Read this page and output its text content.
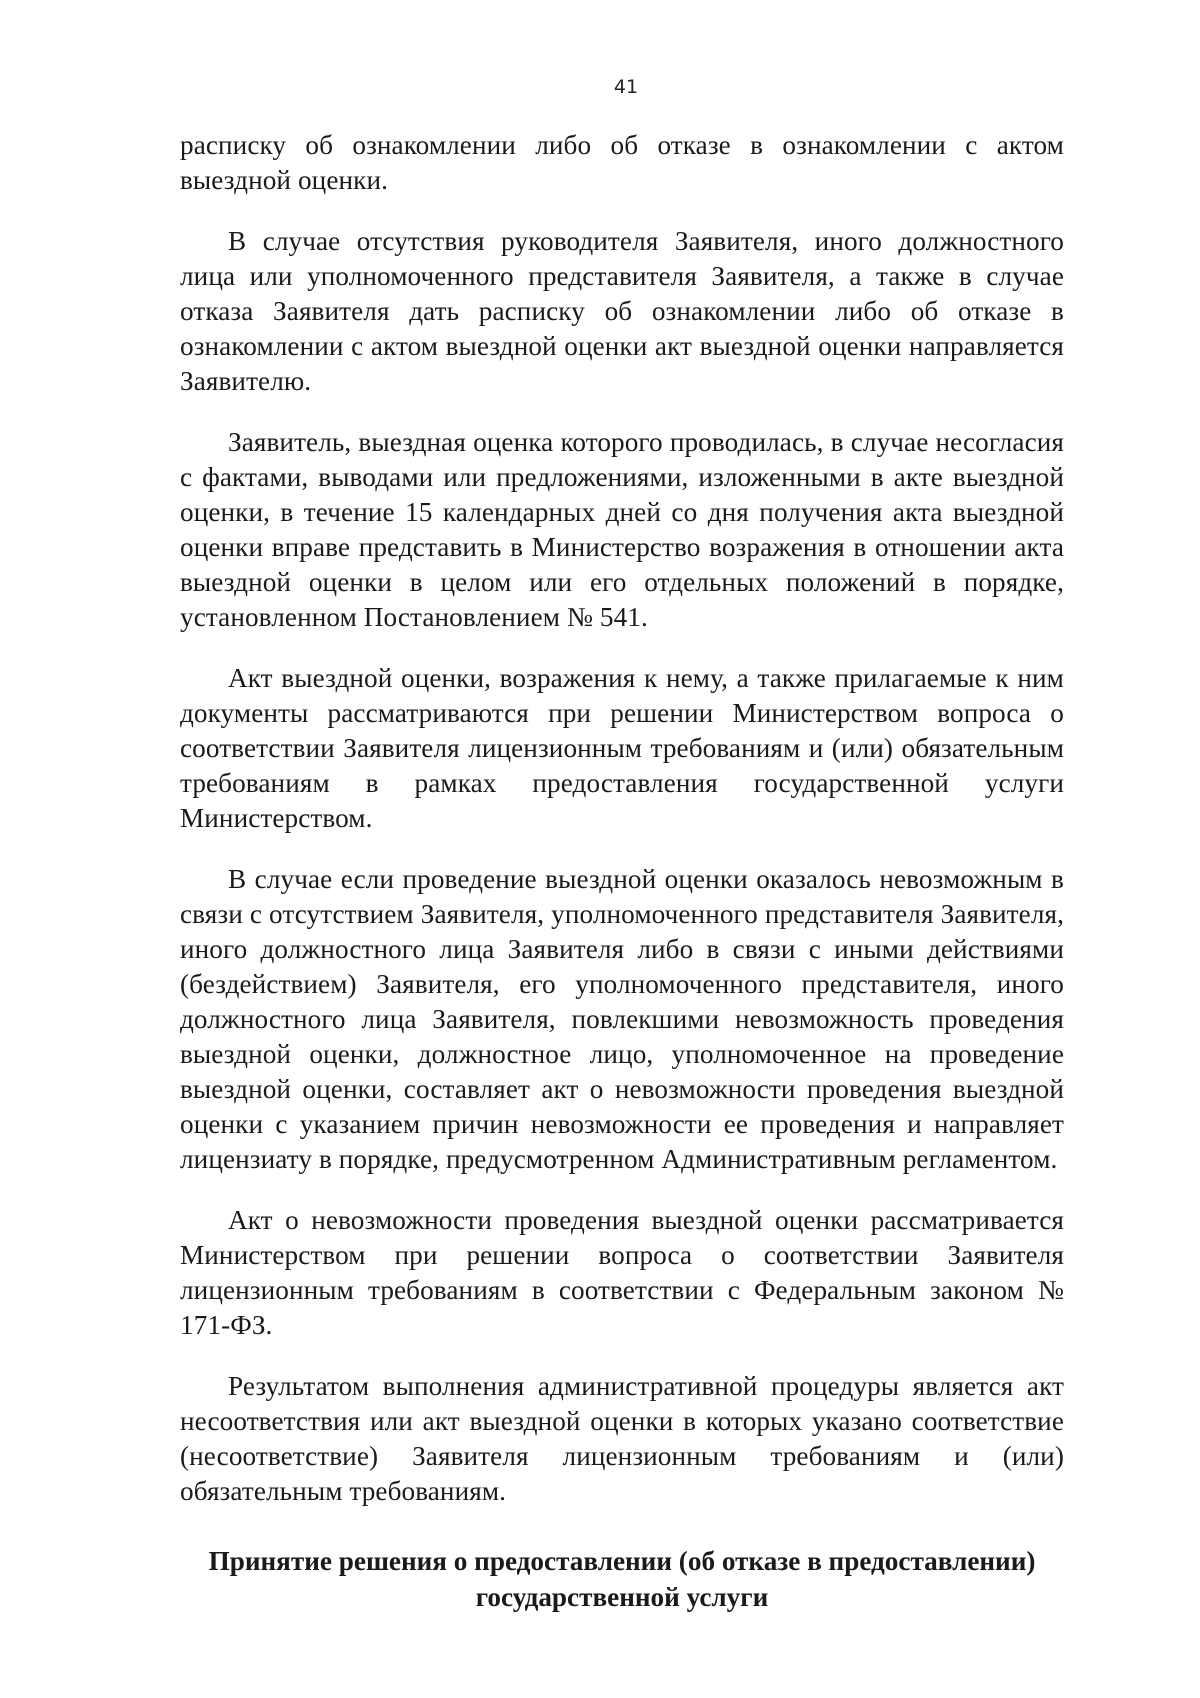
41

расписку об ознакомлении либо об отказе в ознакомлении с актом выездной оценки.

В случае отсутствия руководителя Заявителя, иного должностного лица или уполномоченного представителя Заявителя, а также в случае отказа Заявителя дать расписку об ознакомлении либо об отказе в ознакомлении с актом выездной оценки акт выездной оценки направляется Заявителю.

Заявитель, выездная оценка которого проводилась, в случае несогласия с фактами, выводами или предложениями, изложенными в акте выездной оценки, в течение 15 календарных дней со дня получения акта выездной оценки вправе представить в Министерство возражения в отношении акта выездной оценки в целом или его отдельных положений в порядке, установленном Постановлением № 541.

Акт выездной оценки, возражения к нему, а также прилагаемые к ним документы рассматриваются при решении Министерством вопроса о соответствии Заявителя лицензионным требованиям и (или) обязательным требованиям в рамках предоставления государственной услуги Министерством.

В случае если проведение выездной оценки оказалось невозможным в связи с отсутствием Заявителя, уполномоченного представителя Заявителя, иного должностного лица Заявителя либо в связи с иными действиями (бездействием) Заявителя, его уполномоченного представителя, иного должностного лица Заявителя, повлекшими невозможность проведения выездной оценки, должностное лицо, уполномоченное на проведение выездной оценки, составляет акт о невозможности проведения выездной оценки с указанием причин невозможности ее проведения и направляет лицензиату в порядке, предусмотренном Административным регламентом.

Акт о невозможности проведения выездной оценки рассматривается Министерством при решении вопроса о соответствии Заявителя лицензионным требованиям в соответствии с Федеральным законом № 171-ФЗ.

Результатом выполнения административной процедуры является акт несоответствия или акт выездной оценки в которых указано соответствие (несоответствие) Заявителя лицензионным требованиям и (или) обязательным требованиям.

Принятие решения о предоставлении (об отказе в предоставлении)
государственной услуги
